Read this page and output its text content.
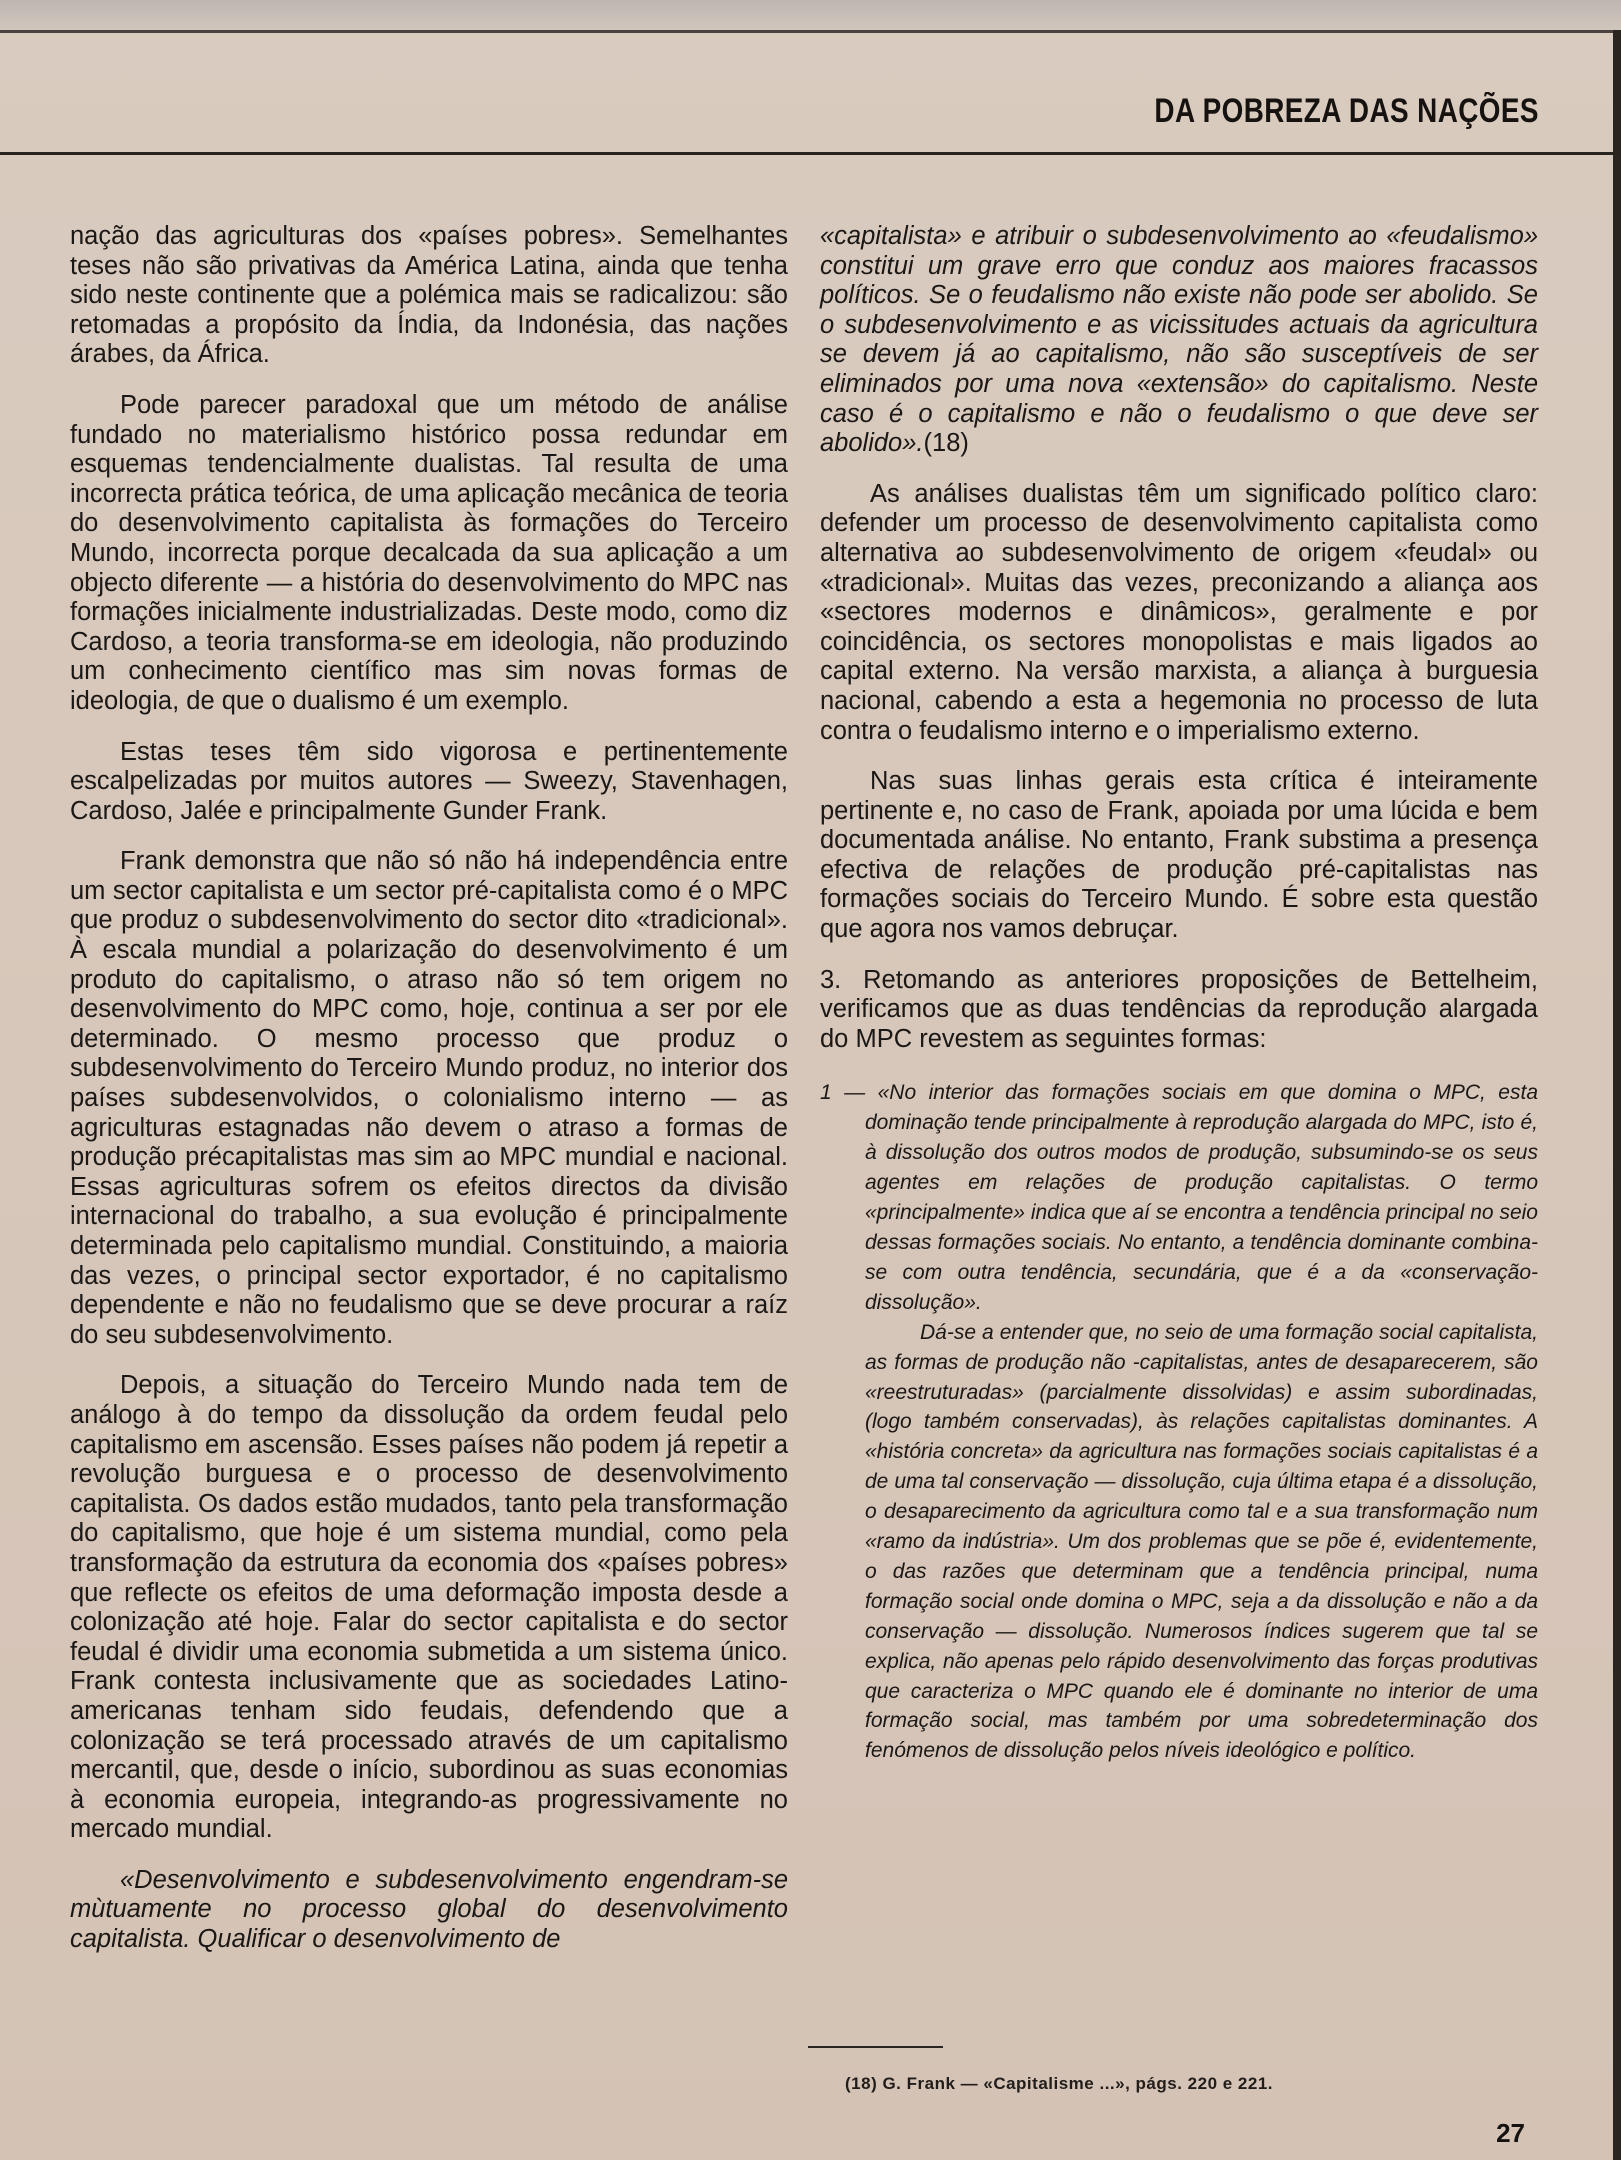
DA POBREZA DAS NAÇÕES

nação das agriculturas dos «países pobres». Semelhantes teses não são privativas da América Latina, ainda que tenha sido neste continente que a polémica mais se radicalizou: são retomadas a propósito da Índia, da Indonésia, das nações árabes, da África.

Pode parecer paradoxal que um método de análise fundado no materialismo histórico possa redundar em esquemas tendencialmente dualistas. Tal resulta de uma incorrecta prática teórica, de uma aplicação mecânica de teoria do desenvolvimento capitalista às formações do Terceiro Mundo, incorrecta porque decalcada da sua aplicação a um objecto diferente — a história do desenvolvimento do MPC nas formações inicialmente industrializadas. Deste modo, como diz Cardoso, a teoria transforma-se em ideologia, não produzindo um conhecimento científico mas sim novas formas de ideologia, de que o dualismo é um exemplo.

Estas teses têm sido vigorosa e pertinentemente escalpelizadas por muitos autores — Sweezy, Stavenhagen, Cardoso, Jalée e principalmente Gunder Frank.

Frank demonstra que não só não há independência entre um sector capitalista e um sector pré-capitalista como é o MPC que produz o subdesenvolvimento do sector dito «tradicional». À escala mundial a polarização do desenvolvimento é um produto do capitalismo, o atraso não só tem origem no desenvolvimento do MPC como, hoje, continua a ser por ele determinado. O mesmo processo que produz o subdesenvolvimento do Terceiro Mundo produz, no interior dos países subdesenvolvidos, o colonialismo interno — as agriculturas estagnadas não devem o atraso a formas de produção précapitalistas mas sim ao MPC mundial e nacional. Essas agriculturas sofrem os efeitos directos da divisão internacional do trabalho, a sua evolução é principalmente determinada pelo capitalismo mundial. Constituindo, a maioria das vezes, o principal sector exportador, é no capitalismo dependente e não no feudalismo que se deve procurar a raíz do seu subdesenvolvimento.

Depois, a situação do Terceiro Mundo nada tem de análogo à do tempo da dissolução da ordem feudal pelo capitalismo em ascensão. Esses países não podem já repetir a revolução burguesa e o processo de desenvolvimento capitalista. Os dados estão mudados, tanto pela transformação do capitalismo, que hoje é um sistema mundial, como pela transformação da estrutura da economia dos «países pobres» que reflecte os efeitos de uma deformação imposta desde a colonização até hoje. Falar do sector capitalista e do sector feudal é dividir uma economia submetida a um sistema único. Frank contesta inclusivamente que as sociedades Latino-americanas tenham sido feudais, defendendo que a colonização se terá processado através de um capitalismo mercantil, que, desde o início, subordinou as suas economias à economia europeia, integrando-as progressivamente no mercado mundial.

«Desenvolvimento e subdesenvolvimento engendram-se mùtuamente no processo global do desenvolvimento capitalista. Qualificar o desenvolvimento de

«capitalista» e atribuir o subdesenvolvimento ao «feudalismo» constitui um grave erro que conduz aos maiores fracassos políticos. Se o feudalismo não existe não pode ser abolido. Se o subdesenvolvimento e as vicissitudes actuais da agricultura se devem já ao capitalismo, não são susceptíveis de ser eliminados por uma nova «extensão» do capitalismo. Neste caso é o capitalismo e não o feudalismo o que deve ser abolido».(18)

As análises dualistas têm um significado político claro: defender um processo de desenvolvimento capitalista como alternativa ao subdesenvolvimento de origem «feudal» ou «tradicional». Muitas das vezes, preconizando a aliança aos «sectores modernos e dinâmicos», geralmente e por coincidência, os sectores monopolistas e mais ligados ao capital externo. Na versão marxista, a aliança à burguesia nacional, cabendo a esta a hegemonia no processo de luta contra o feudalismo interno e o imperialismo externo.

Nas suas linhas gerais esta crítica é inteiramente pertinente e, no caso de Frank, apoiada por uma lúcida e bem documentada análise. No entanto, Frank substima a presença efectiva de relações de produção pré-capitalistas nas formações sociais do Terceiro Mundo. É sobre esta questão que agora nos vamos debruçar.

3. Retomando as anteriores proposições de Bettelheim, verificamos que as duas tendências da reprodução alargada do MPC revestem as seguintes formas:

1 — «No interior das formações sociais em que domina o MPC, esta dominação tende principalmente à reprodução alargada do MPC, isto é, à dissolução dos outros modos de produção, subsumindo-se os seus agentes em relações de produção capitalistas. O termo «principalmente» indica que aí se encontra a tendência principal no seio dessas formações sociais. No entanto, a tendência dominante combina-se com outra tendência, secundária, que é a da «conservação-dissolução».

Dá-se a entender que, no seio de uma formação social capitalista, as formas de produção não -capitalistas, antes de desaparecerem, são «reestruturadas» (parcialmente dissolvidas) e assim subordinadas, (logo também conservadas), às relações capitalistas dominantes. A «história concreta» da agricultura nas formações sociais capitalistas é a de uma tal conservação — dissolução, cuja última etapa é a dissolução, o desaparecimento da agricultura como tal e a sua transformação num «ramo da indústria». Um dos problemas que se põe é, evidentemente, o das razões que determinam que a tendência principal, numa formação social onde domina o MPC, seja a da dissolução e não a da conservação — dissolução. Numerosos índices sugerem que tal se explica, não apenas pelo rápido desenvolvimento das forças produtivas que caracteriza o MPC quando ele é dominante no interior de uma formação social, mas também por uma sobredeterminação dos fenómenos de dissolução pelos níveis ideológico e político.

(18) G. Frank — «Capitalisme ...», págs. 220 e 221.
27
